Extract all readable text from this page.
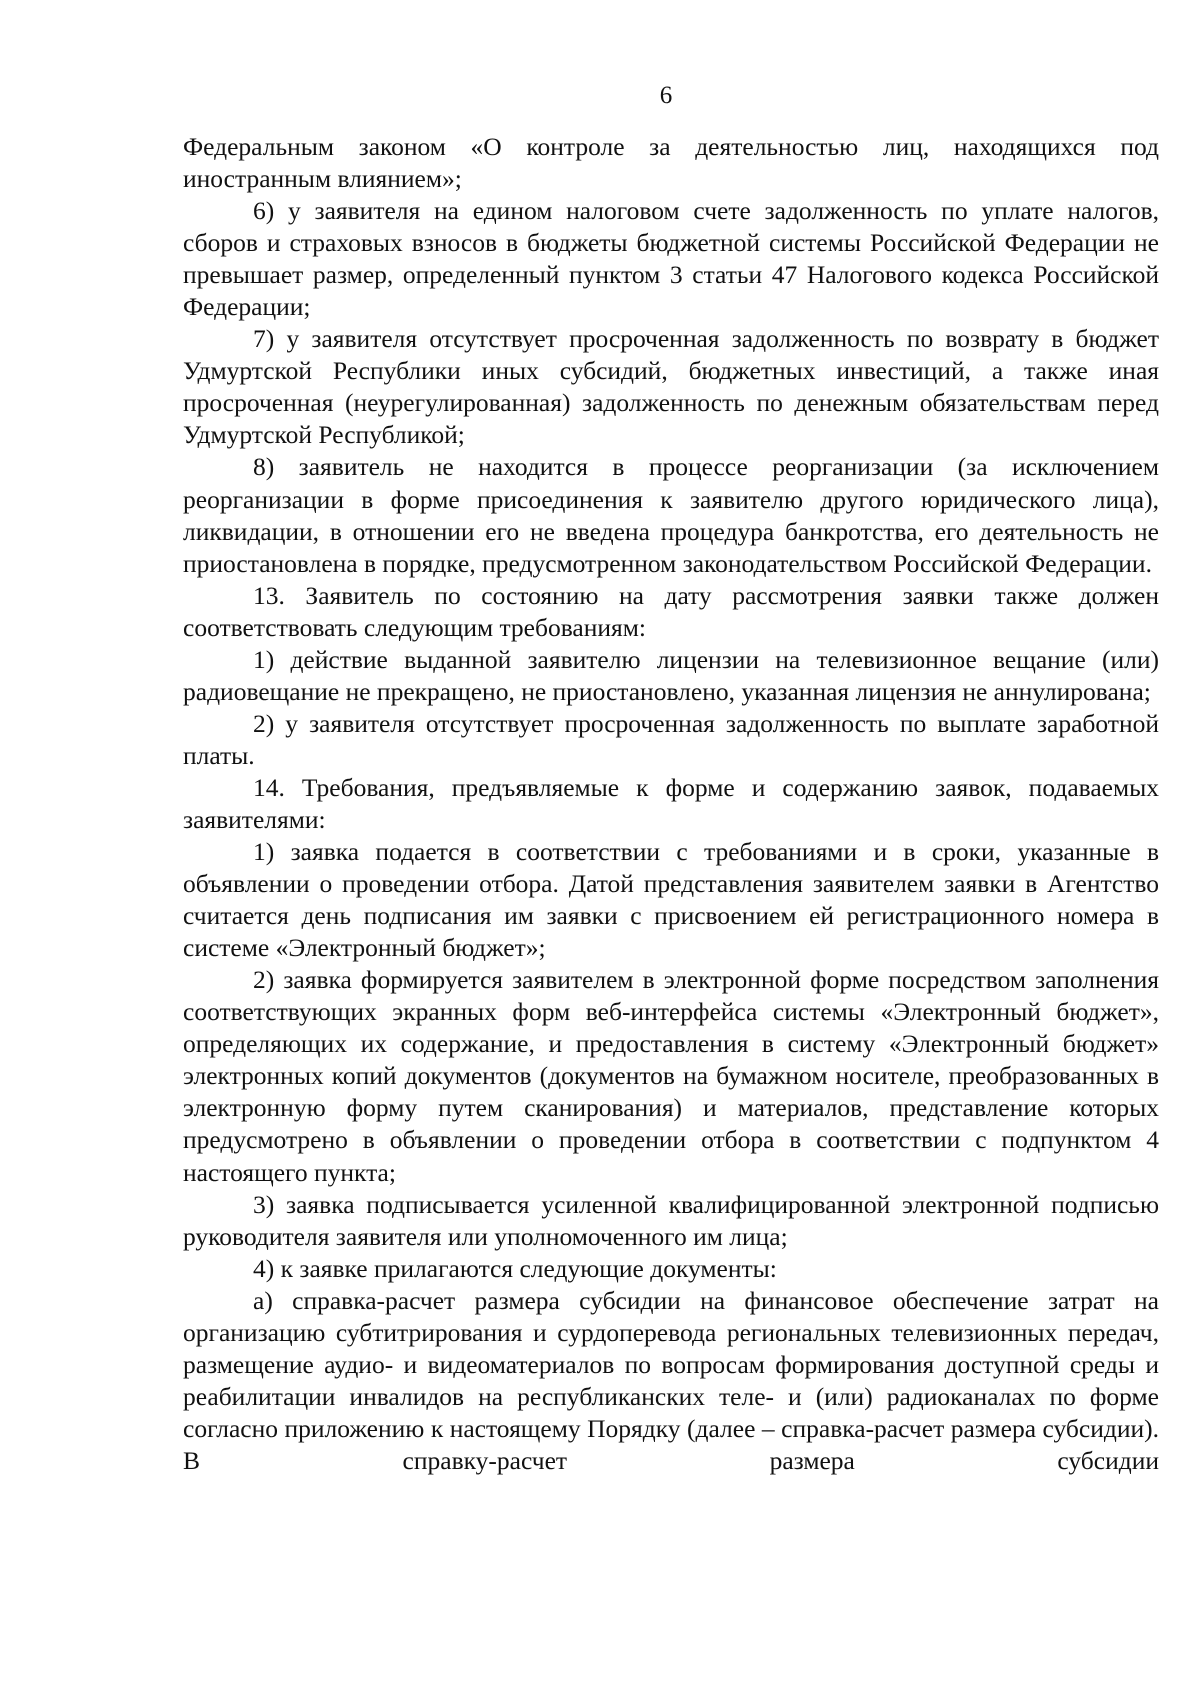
6

Федеральным законом «О контроле за деятельностью лиц, находящихся под иностранным влиянием»;

6) у заявителя на едином налоговом счете задолженность по уплате налогов, сборов и страховых взносов в бюджеты бюджетной системы Российской Федерации не превышает размер, определенный пунктом 3 статьи 47 Налогового кодекса Российской Федерации;

7) у заявителя отсутствует просроченная задолженность по возврату в бюджет Удмуртской Республики иных субсидий, бюджетных инвестиций, а также иная просроченная (неурегулированная) задолженность по денежным обязательствам перед Удмуртской Республикой;

8) заявитель не находится в процессе реорганизации (за исключением реорганизации в форме присоединения к заявителю другого юридического лица), ликвидации, в отношении его не введена процедура банкротства, его деятельность не приостановлена в порядке, предусмотренном законодательством Российской Федерации.

13. Заявитель по состоянию на дату рассмотрения заявки также должен соответствовать следующим требованиям:

1) действие выданной заявителю лицензии на телевизионное вещание (или) радиовещание не прекращено, не приостановлено, указанная лицензия не аннулирована;

2) у заявителя отсутствует просроченная задолженность по выплате заработной платы.

14. Требования, предъявляемые к форме и содержанию заявок, подаваемых заявителями:

1) заявка подается в соответствии с требованиями и в сроки, указанные в объявлении о проведении отбора. Датой представления заявителем заявки в Агентство считается день подписания им заявки с присвоением ей регистрационного номера в системе «Электронный бюджет»;

2) заявка формируется заявителем в электронной форме посредством заполнения соответствующих экранных форм веб-интерфейса системы «Электронный бюджет», определяющих их содержание, и предоставления в систему «Электронный бюджет» электронных копий документов (документов на бумажном носителе, преобразованных в электронную форму путем сканирования) и материалов, представление которых предусмотрено в объявлении о проведении отбора в соответствии с подпунктом 4 настоящего пункта;

3) заявка подписывается усиленной квалифицированной электронной подписью руководителя заявителя или уполномоченного им лица;

4) к заявке прилагаются следующие документы:

а) справка-расчет размера субсидии на финансовое обеспечение затрат на организацию субтитрирования и сурдоперевода региональных телевизионных передач, размещение аудио- и видеоматериалов по вопросам формирования доступной среды и реабилитации инвалидов на республиканских теле- и (или) радиоканалах по форме согласно приложению к настоящему Порядку (далее – справка-расчет размера субсидии). В справку-расчет размера субсидии
